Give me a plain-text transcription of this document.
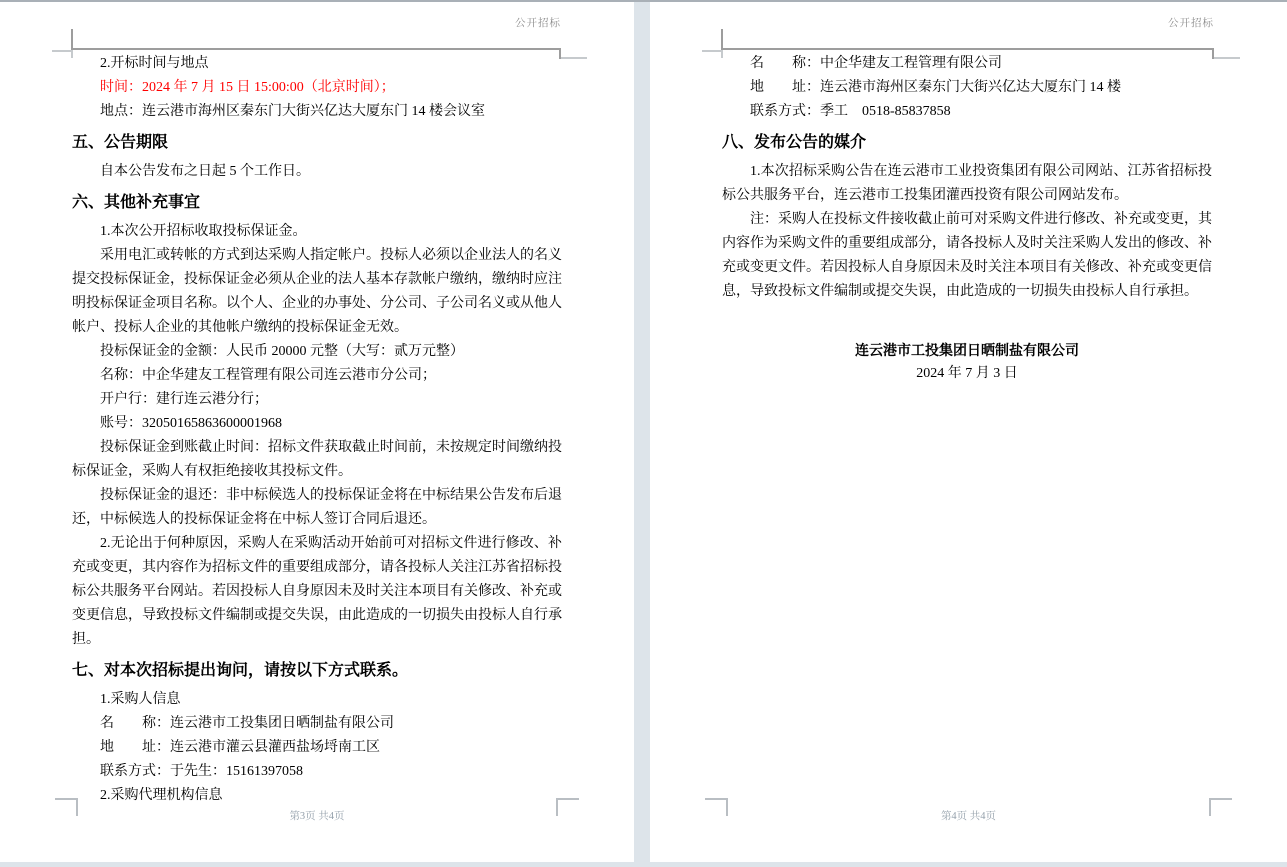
公开招标
2.开标时间与地点
时间：2024 年 7 月 15 日 15:00:00（北京时间）；
地点：连云港市海州区秦东门大街兴亿达大厦东门 14 楼会议室
五、公告期限
自本公告发布之日起 5 个工作日。
六、其他补充事宜
1.本次公开招标收取投标保证金。
采用电汇或转帐的方式到达采购人指定帐户。投标人必须以企业法人的名义提交投标保证金，投标保证金必须从企业的法人基本存款帐户缴纳，缴纳时应注明投标保证金项目名称。以个人、企业的办事处、分公司、子公司名义或从他人帐户、投标人企业的其他帐户缴纳的投标保证金无效。
投标保证金的金额：人民币 20000 元整（大写：贰万元整）
名称：中企华建友工程管理有限公司连云港市分公司；
开户行：建行连云港分行；
账号：32050165863600001968
投标保证金到账截止时间：招标文件获取截止时间前，未按规定时间缴纳投标保证金，采购人有权拒绝接收其投标文件。
投标保证金的退还：非中标候选人的投标保证金将在中标结果公告发布后退还，中标候选人的投标保证金将在中标人签订合同后退还。
2.无论出于何种原因，采购人在采购活动开始前可对招标文件进行修改、补充或变更，其内容作为招标文件的重要组成部分，请各投标人关注江苏省招标投标公共服务平台网站。若因投标人自身原因未及时关注本项目有关修改、补充或变更信息，导致投标文件编制或提交失误，由此造成的一切损失由投标人自行承担。
七、对本次招标提出询问，请按以下方式联系。
1.采购人信息
名　　称：连云港市工投集团日晒制盐有限公司
地　　址：连云港市灌云县灌西盐场埒南工区
联系方式：于先生：15161397058
2.采购代理机构信息
第3页 共4页
公开招标
名　　称：中企华建友工程管理有限公司
地　　址：连云港市海州区秦东门大街兴亿达大厦东门 14 楼
联系方式：季工　0518-85837858
八、发布公告的媒介
1.本次招标采购公告在连云港市工业投资集团有限公司网站、江苏省招标投标公共服务平台，连云港市工投集团灌西投资有限公司网站发布。
注：采购人在投标文件接收截止前可对采购文件进行修改、补充或变更，其内容作为采购文件的重要组成部分，请各投标人及时关注采购人发出的修改、补充或变更文件。若因投标人自身原因未及时关注本项目有关修改、补充或变更信息，导致投标文件编制或提交失误，由此造成的一切损失由投标人自行承担。
连云港市工投集团日晒制盐有限公司
2024 年 7 月 3 日
第4页 共4页
